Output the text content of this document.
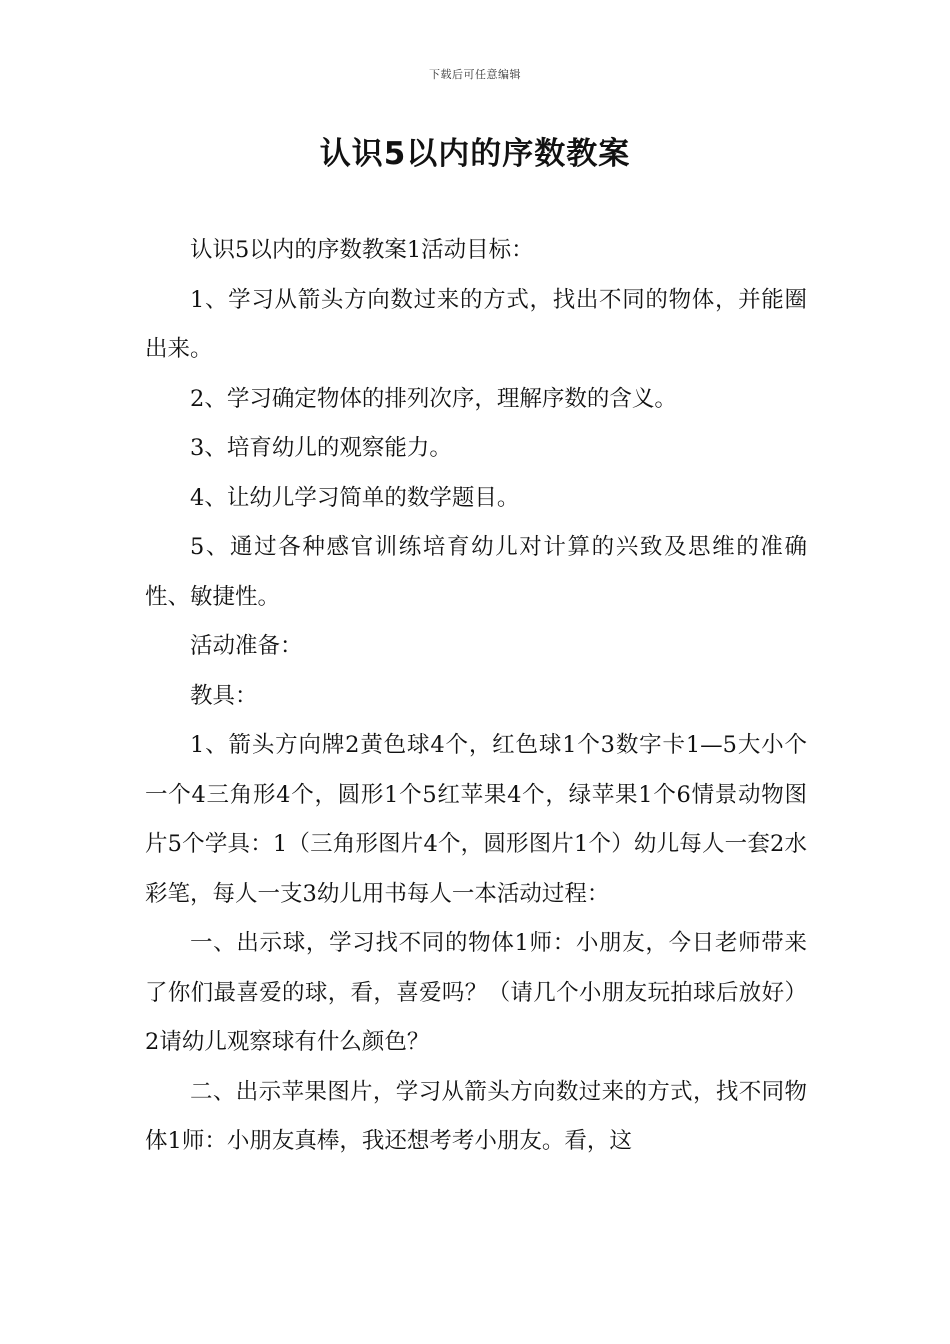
下载后可任意编辑
认识5以内的序数教案

认识5以内的序数教案1活动目标：

1、学习从箭头方向数过来的方式，找出不同的物体，并能圈出来。

2、学习确定物体的排列次序，理解序数的含义。

3、培育幼儿的观察能力。

4、让幼儿学习简单的数学题目。

5、通过各种感官训练培育幼儿对计算的兴致及思维的准确性、敏捷性。

活动准备：

教具：

1、箭头方向牌2黄色球4个，红色球1个3数字卡1—5大小个一个4三角形4个，圆形1个5红苹果4个，绿苹果1个6情景动物图片5个学具：1（三角形图片4个，圆形图片1个）幼儿每人一套2水彩笔，每人一支3幼儿用书每人一本活动过程：

一、出示球，学习找不同的物体1师：小朋友，今日老师带来了你们最喜爱的球，看，喜爱吗？（请几个小朋友玩拍球后放好）2请幼儿观察球有什么颜色？

二、出示苹果图片，学习从箭头方向数过来的方式，找不同物体1师：小朋友真棒，我还想考考小朋友。看，这
